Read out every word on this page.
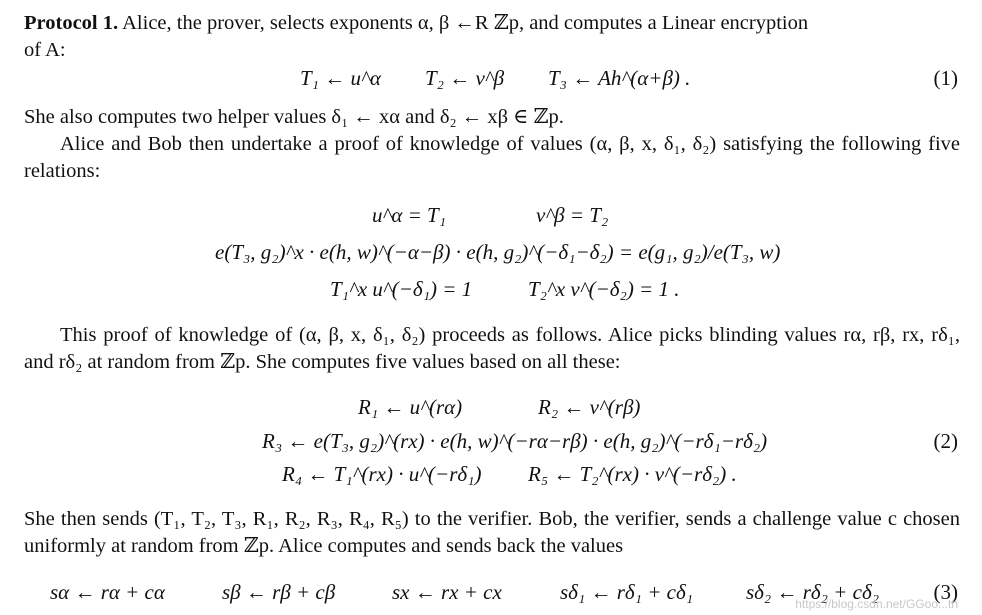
Protocol 1. Alice, the prover, selects exponents α, β ←R ℤp, and computes a Linear encryption
of A:
T₁ ← u^α T₂ ← v^β T₃ ← Ah^(α+β) .	(1)
She also computes two helper values δ₁ ← xα and δ₂ ← xβ ∈ ℤp.
Alice and Bob then undertake a proof of knowledge of values (α, β, x, δ₁, δ₂) satisfying the following five relations:
u^α = T₁	v^β = T₂
e(T₃, g₂)^x · e(h, w)^(−α−β) · e(h, g₂)^(−δ₁−δ₂) = e(g₁, g₂)/e(T₃, w)
T₁^x u^(−δ₁) = 1	T₂^x v^(−δ₂) = 1 .
This proof of knowledge of (α, β, x, δ₁, δ₂) proceeds as follows. Alice picks blinding values rα, rβ, rx, rδ₁, and rδ₂ at random from ℤp. She computes five values based on all these:
R₁ ← u^(rα)	R₂ ← v^(rβ)
R₃ ← e(T₃, g₂)^(rx) · e(h, w)^(−rα−rβ) · e(h, g₂)^(−rδ₁−rδ₂)	(2)
R₄ ← T₁^(rx) · u^(−rδ₁) R₅ ← T₂^(rx) · v^(−rδ₂) .
She then sends (T₁, T₂, T₃, R₁, R₂, R₃, R₄, R₅) to the verifier. Bob, the verifier, sends a challenge value c chosen uniformly at random from ℤp. Alice computes and sends back the values
sα ← rα + cα	sβ ← rβ + cβ	sx ← rx + cx	sδ₁ ← rδ₁ + cδ₁	sδ₂ ← rδ₂ + cδ₂	(3)
https://blog.csdn.net/GGoo...th
